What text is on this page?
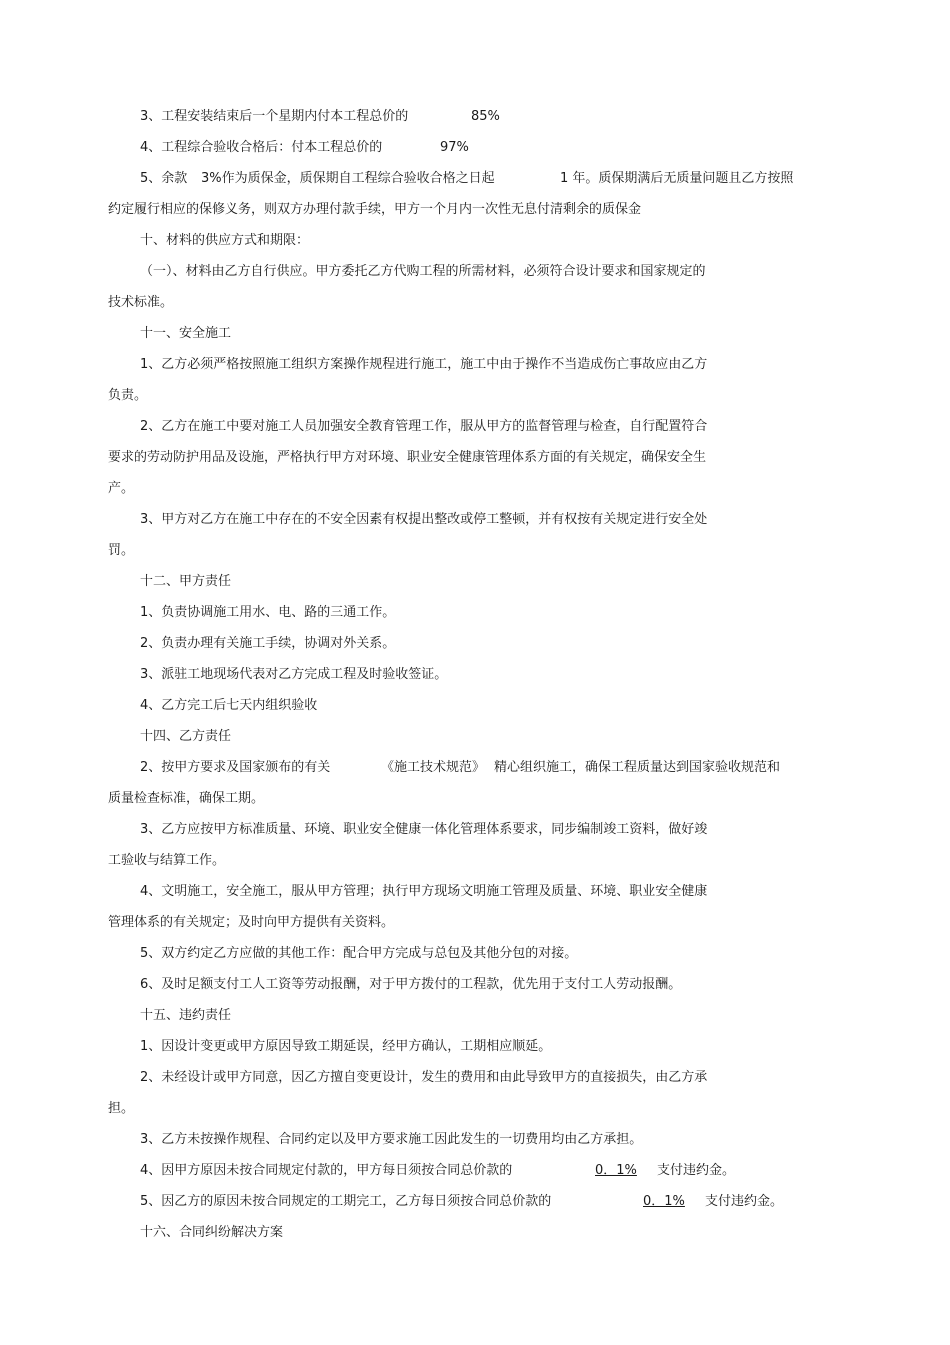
3、工程安装结束后一个星期内付本工程总价的	85%
4、工程综合验收合格后：付本工程总价的	97%
5、余款 3%作为质保金，质保期自工程综合验收合格之日起	1 年。质保期满后无质量问题且乙方按照
约定履行相应的保修义务，则双方办理付款手续，甲方一个月内一次性无息付清剩余的质保金
十、材料的供应方式和期限：
（一）、材料由乙方自行供应。甲方委托乙方代购工程的所需材料，必须符合设计要求和国家规定的
技术标准。
十一、安全施工
1、乙方必须严格按照施工组织方案操作规程进行施工，施工中由于操作不当造成伤亡事故应由乙方
负责。
2、乙方在施工中要对施工人员加强安全教育管理工作，服从甲方的监督管理与检查，自行配置符合
要求的劳动防护用品及设施，严格执行甲方对环境、职业安全健康管理体系方面的有关规定，确保安全生
产。
3、甲方对乙方在施工中存在的不安全因素有权提出整改或停工整顿，并有权按有关规定进行安全处
罚。
十二、甲方责任
1、负责协调施工用水、电、路的三通工作。
2、负责办理有关施工手续，协调对外关系。
3、派驻工地现场代表对乙方完成工程及时验收签证。
4、乙方完工后七天内组织验收
十四、乙方责任
2、按甲方要求及国家颁布的有关	《施工技术规范》 精心组织施工，确保工程质量达到国家验收规范和
质量检查标准，确保工期。
3、乙方应按甲方标准质量、环境、职业安全健康一体化管理体系要求，同步编制竣工资料，做好竣
工验收与结算工作。
4、文明施工，安全施工，服从甲方管理；执行甲方现场文明施工管理及质量、环境、职业安全健康
管理体系的有关规定；及时向甲方提供有关资料。
5、双方约定乙方应做的其他工作：配合甲方完成与总包及其他分包的对接。
6、及时足额支付工人工资等劳动报酬，对于甲方拨付的工程款，优先用于支付工人劳动报酬。
十五、违约责任
1、因设计变更或甲方原因导致工期延误，经甲方确认，工期相应顺延。
2、未经设计或甲方同意，因乙方擅自变更设计，发生的费用和由此导致甲方的直接损失，由乙方承
担。
3、乙方未按操作规程、合同约定以及甲方要求施工因此发生的一切费用均由乙方承担。
4、因甲方原因未按合同规定付款的，甲方每日须按合同总价款的	0．1% 支付违约金。
5、因乙方的原因未按合同规定的工期完工，乙方每日须按合同总价款的	0．1% 支付违约金。
十六、合同纠纷解决方案
